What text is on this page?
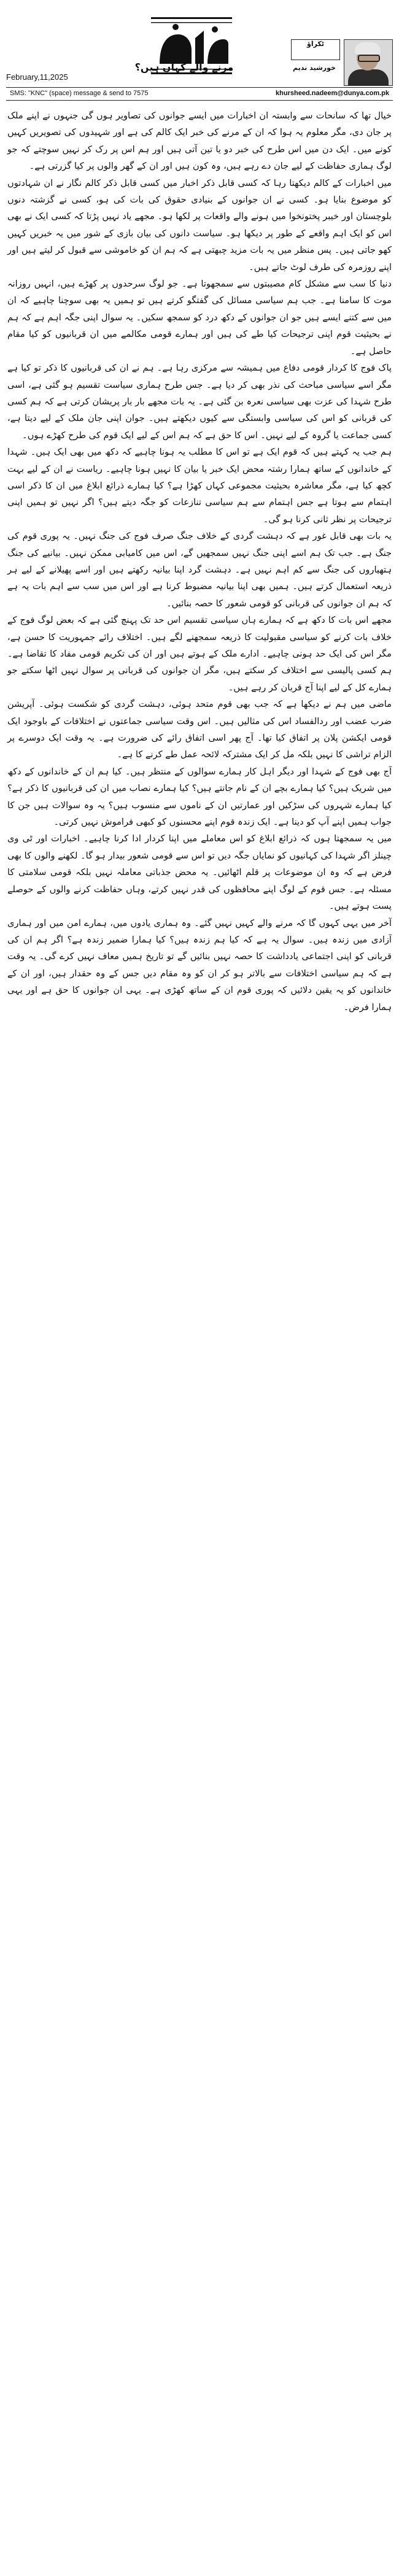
ٹکراؤ
خورشید ندیم
مرنے والے کہاں ہیں؟
February,11,2025
SMS: "KNC" (space) message & send to 7575	khursheed.nadeem@dunya.com.pk

خیال تھا کہ سانحات سے وابستہ ان اخبارات میں ایسے جوانوں کی تصاویر ہوں گی جنہوں نے اپنے ملک پر جان دی، مگر معلوم یہ ہوا کہ ان کے مرنے کی خبر ایک کالم کی ہے اور شہیدوں کی تصویریں کہیں کونے میں۔ ایک دن میں اس طرح کی خبر دو یا تین آتی ہیں اور ہم اس پر رک کر نہیں سوچتے کہ جو لوگ ہماری حفاظت کے لیے جان دے رہے ہیں، وہ کون ہیں اور ان کے گھر والوں پر کیا گزرتی ہے۔

میں اخبارات کے کالم دیکھتا رہا کہ کسی قابل ذکر اخبار میں کسی قابل ذکر کالم نگار نے ان شہادتوں کو موضوع بنایا ہو۔ کسی نے ان جوانوں کے بنیادی حقوق کی بات کی ہو، کسی نے گزشتہ دنوں بلوچستان اور خیبر پختونخوا میں ہونے والے واقعات پر لکھا ہو۔ مجھے یاد نہیں پڑتا کہ کسی ایک نے بھی اس کو ایک اہم واقعے کے طور پر دیکھا ہو۔ سیاست دانوں کی بیان بازی کے شور میں یہ خبریں کہیں کھو جاتی ہیں۔ پس منظر میں یہ بات مزید چبھتی ہے کہ ہم ان کو خاموشی سے قبول کر لیتے ہیں اور اپنے روزمرہ کی طرف لوٹ جاتے ہیں۔

دنیا کا سب سے مشکل کام مصیبتوں سے سمجھوتا ہے۔ جو لوگ سرحدوں پر کھڑے ہیں، انہیں روزانہ موت کا سامنا ہے۔ جب ہم سیاسی مسائل کی گفتگو کرتے ہیں تو ہمیں یہ بھی سوچنا چاہیے کہ ان میں سے کتنے ایسے ہیں جو ان جوانوں کے دکھ درد کو سمجھ سکیں۔ یہ سوال اپنی جگہ اہم ہے کہ ہم نے بحیثیت قوم اپنی ترجیحات کیا طے کی ہیں اور ہمارے قومی مکالمے میں ان قربانیوں کو کیا مقام حاصل ہے۔

پاک فوج کا کردار قومی دفاع میں ہمیشہ سے مرکزی رہا ہے۔ ہم نے ان کی قربانیوں کا ذکر تو کیا ہے مگر اسے سیاسی مباحث کی نذر بھی کر دیا ہے۔ جس طرح ہماری سیاست تقسیم ہو گئی ہے، اسی طرح شہدا کی عزت بھی سیاسی نعرہ بن گئی ہے۔ یہ بات مجھے بار بار پریشان کرتی ہے کہ ہم کسی کی قربانی کو اس کی سیاسی وابستگی سے کیوں دیکھتے ہیں۔ جوان اپنی جان ملک کے لیے دیتا ہے، کسی جماعت یا گروہ کے لیے نہیں۔ اس کا حق ہے کہ ہم اس کے لیے ایک قوم کی طرح کھڑے ہوں۔

ہم جب یہ کہتے ہیں کہ قوم ایک ہے تو اس کا مطلب یہ ہونا چاہیے کہ دکھ میں بھی ایک ہیں۔ شہدا کے خاندانوں کے ساتھ ہمارا رشتہ محض ایک خبر یا بیان کا نہیں ہونا چاہیے۔ ریاست نے ان کے لیے بہت کچھ کیا ہے، مگر معاشرہ بحیثیت مجموعی کہاں کھڑا ہے؟ کیا ہمارے ذرائع ابلاغ میں ان کا ذکر اسی اہتمام سے ہوتا ہے جس اہتمام سے ہم سیاسی تنازعات کو جگہ دیتے ہیں؟ اگر نہیں تو ہمیں اپنی ترجیحات پر نظر ثانی کرنا ہو گی۔

یہ بات بھی قابل غور ہے کہ دہشت گردی کے خلاف جنگ صرف فوج کی جنگ نہیں۔ یہ پوری قوم کی جنگ ہے۔ جب تک ہم اسے اپنی جنگ نہیں سمجھیں گے، اس میں کامیابی ممکن نہیں۔ بیانیے کی جنگ ہتھیاروں کی جنگ سے کم اہم نہیں ہے۔ دہشت گرد اپنا بیانیہ رکھتے ہیں اور اسے پھیلانے کے لیے ہر ذریعہ استعمال کرتے ہیں۔ ہمیں بھی اپنا بیانیہ مضبوط کرنا ہے اور اس میں سب سے اہم بات یہ ہے کہ ہم ان جوانوں کی قربانی کو قومی شعور کا حصہ بنائیں۔

مجھے اس بات کا دکھ ہے کہ ہمارے ہاں سیاسی تقسیم اس حد تک پہنچ گئی ہے کہ بعض لوگ فوج کے خلاف بات کرنے کو سیاسی مقبولیت کا ذریعہ سمجھنے لگے ہیں۔ اختلاف رائے جمہوریت کا حسن ہے، مگر اس کی ایک حد ہونی چاہیے۔ ادارے ملک کے ہوتے ہیں اور ان کی تکریم قومی مفاد کا تقاضا ہے۔ ہم کسی پالیسی سے اختلاف کر سکتے ہیں، مگر ان جوانوں کی قربانی پر سوال نہیں اٹھا سکتے جو ہمارے کل کے لیے اپنا آج قربان کر رہے ہیں۔

ماضی میں ہم نے دیکھا ہے کہ جب بھی قوم متحد ہوئی، دہشت گردی کو شکست ہوئی۔ آپریشن ضرب عضب اور ردالفساد اس کی مثالیں ہیں۔ اس وقت سیاسی جماعتوں نے اختلافات کے باوجود ایک قومی ایکشن پلان پر اتفاق کیا تھا۔ آج پھر اسی اتفاق رائے کی ضرورت ہے۔ یہ وقت ایک دوسرے پر الزام تراشی کا نہیں بلکہ مل کر ایک مشترکہ لائحہ عمل طے کرنے کا ہے۔

آج بھی فوج کے شہدا اور دیگر اہل کار ہمارے سوالوں کے منتظر ہیں۔ کیا ہم ان کے خاندانوں کے دکھ میں شریک ہیں؟ کیا ہمارے بچے ان کے نام جانتے ہیں؟ کیا ہمارے نصاب میں ان کی قربانیوں کا ذکر ہے؟ کیا ہمارے شہروں کی سڑکیں اور عمارتیں ان کے ناموں سے منسوب ہیں؟ یہ وہ سوالات ہیں جن کا جواب ہمیں اپنے آپ کو دینا ہے۔ ایک زندہ قوم اپنے محسنوں کو کبھی فراموش نہیں کرتی۔

میں یہ سمجھتا ہوں کہ ذرائع ابلاغ کو اس معاملے میں اپنا کردار ادا کرنا چاہیے۔ اخبارات اور ٹی وی چینلز اگر شہدا کی کہانیوں کو نمایاں جگہ دیں تو اس سے قومی شعور بیدار ہو گا۔ لکھنے والوں کا بھی فرض ہے کہ وہ ان موضوعات پر قلم اٹھائیں۔ یہ محض جذباتی معاملہ نہیں بلکہ قومی سلامتی کا مسئلہ ہے۔ جس قوم کے لوگ اپنے محافظوں کی قدر نہیں کرتے، وہاں حفاظت کرنے والوں کے حوصلے پست ہوتے ہیں۔

آخر میں یہی کہوں گا کہ مرنے والے کہیں نہیں گئے۔ وہ ہماری یادوں میں، ہمارے امن میں اور ہماری آزادی میں زندہ ہیں۔ سوال یہ ہے کہ کیا ہم زندہ ہیں؟ کیا ہمارا ضمیر زندہ ہے؟ اگر ہم ان کی قربانی کو اپنی اجتماعی یادداشت کا حصہ نہیں بنائیں گے تو تاریخ ہمیں معاف نہیں کرے گی۔ یہ وقت ہے کہ ہم سیاسی اختلافات سے بالاتر ہو کر ان کو وہ مقام دیں جس کے وہ حقدار ہیں، اور ان کے خاندانوں کو یہ یقین دلائیں کہ پوری قوم ان کے ساتھ کھڑی ہے۔ یہی ان جوانوں کا حق ہے اور یہی ہمارا فرض۔
